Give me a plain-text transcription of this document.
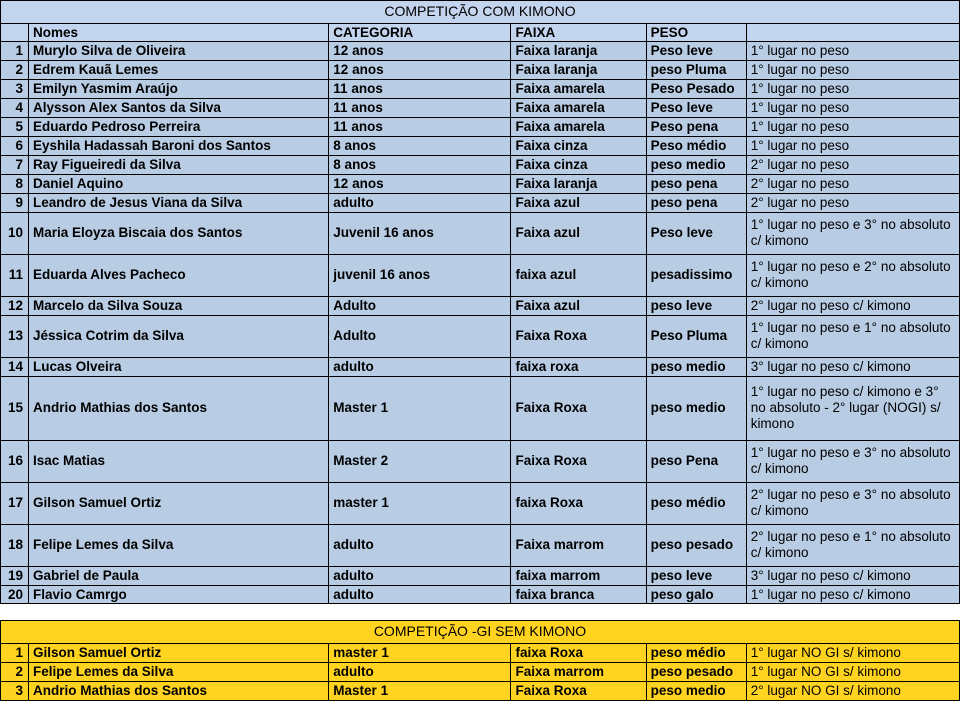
COMPETIÇÃO COM KIMONO					
	Nomes	CATEGORIA	FAIXA	PESO	
1	Murylo Silva de Oliveira	12 anos	Faixa laranja	Peso leve	1° lugar no peso
2	Edrem Kauã Lemes	12 anos	Faixa laranja	peso Pluma	1° lugar no peso
3	Emilyn Yasmim Araújo	11 anos	Faixa amarela	Peso Pesado	1° lugar no peso
4	Alysson Alex Santos da Silva	11 anos	Faixa amarela	Peso leve	1° lugar no peso
5	Eduardo Pedroso Perreira	11 anos	Faixa amarela	Peso pena	1° lugar no peso
6	Eyshila Hadassah Baroni dos Santos	8 anos	Faixa cinza	Peso médio	1° lugar no peso
7	Ray Figueiredi da Silva	8 anos	Faixa cinza	peso medio	2° lugar no peso
8	Daniel Aquino	12 anos	Faixa laranja	peso pena	2° lugar no peso
9	Leandro de Jesus Viana da Silva	adulto	Faixa azul	peso pena	2° lugar no peso
10	Maria Eloyza Biscaia dos Santos	Juvenil 16 anos	Faixa azul	Peso leve	1° lugar no peso e 3° no absoluto c/ kimono
11	Eduarda Alves Pacheco	juvenil 16 anos	faixa azul	pesadissimo	1° lugar no peso e 2° no absoluto c/ kimono
12	Marcelo da Silva Souza	Adulto	Faixa azul	peso leve	2° lugar no peso c/ kimono
13	Jéssica Cotrim da Silva	Adulto	Faixa Roxa	Peso Pluma	1° lugar no peso e 1° no absoluto c/ kimono
14	Lucas Olveira	adulto	faixa roxa	peso medio	3° lugar no peso c/ kimono
15	Andrio Mathias dos Santos	Master 1	Faixa Roxa	peso medio	1° lugar no peso c/ kimono e 3° no absoluto - 2° lugar (NOGI) s/ kimono
16	Isac Matias	Master 2	Faixa Roxa	peso Pena	1° lugar no peso e 3° no absoluto c/ kimono
17	Gilson Samuel Ortiz	master 1	faixa Roxa	peso médio	2° lugar no peso e 3° no absoluto c/ kimono
18	Felipe Lemes da Silva	adulto	Faixa marrom	peso pesado	2° lugar no peso e 1° no absoluto c/ kimono
19	Gabriel de Paula	adulto	faixa marrom	peso leve	3° lugar no peso c/ kimono
20	Flavio Camrgo	adulto	faixa branca	peso galo	1° lugar no peso c/ kimono
COMPETIÇÃO -GI SEM KIMONO					
1	Gilson Samuel Ortiz	master 1	faixa Roxa	peso médio	1° lugar NO GI s/ kimono
2	Felipe Lemes da Silva	adulto	Faixa marrom	peso pesado	1° lugar NO GI s/ kimono
3	Andrio Mathias dos Santos	Master 1	Faixa Roxa	peso medio	2° lugar NO GI s/ kimono
